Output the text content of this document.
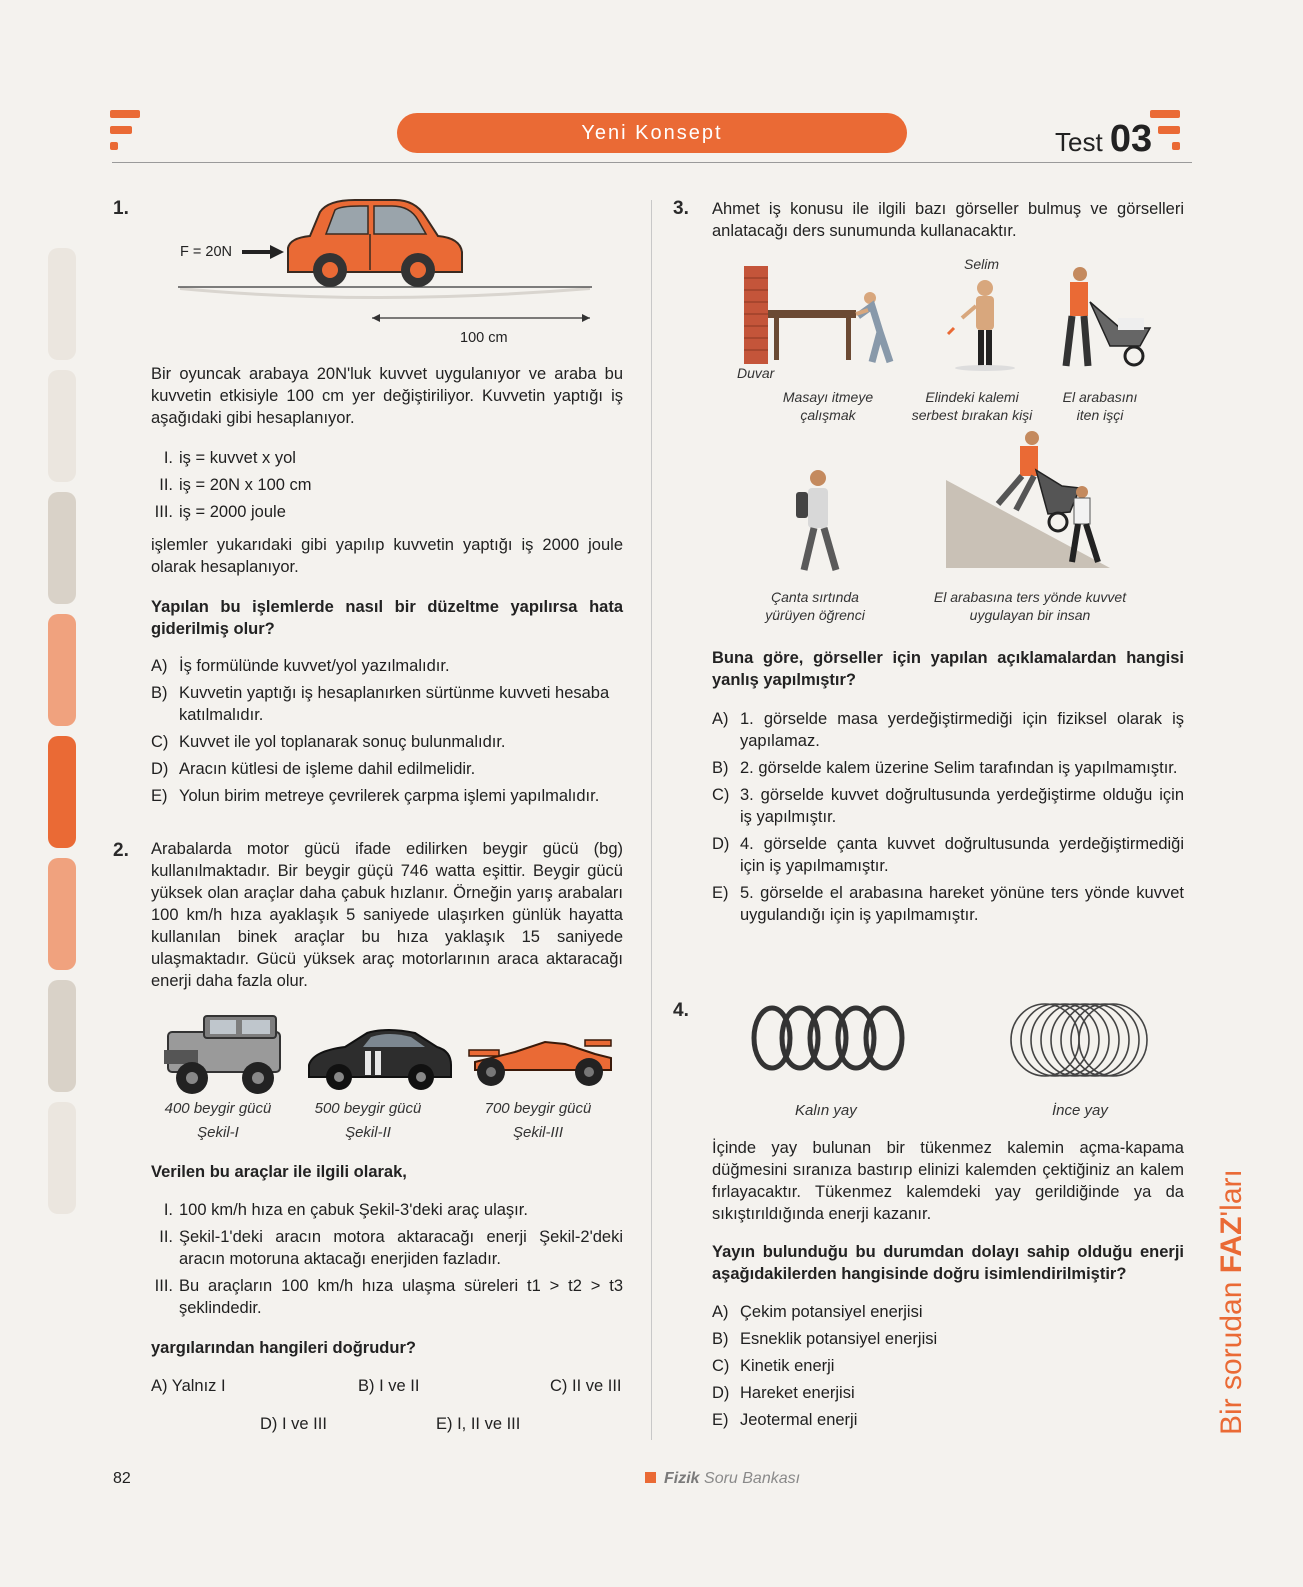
Yeni Konsept	Test 03
1.
F = 20N
100 cm
Bir oyuncak arabaya 20N'luk kuvvet uygulanıyor ve araba bu kuvvetin etkisiyle 100 cm yer değiştiriliyor. Kuvvetin yaptığı iş aşağıdaki gibi hesaplanıyor.
I. iş = kuvvet x yol
II. iş = 20N x 100 cm
III. iş = 2000 joule
işlemler yukarıdaki gibi yapılıp kuvvetin yaptığı iş 2000 joule olarak hesaplanıyor.
Yapılan bu işlemlerde nasıl bir düzeltme yapılırsa hata giderilmiş olur?
A) İş formülünde kuvvet/yol yazılmalıdır.
B) Kuvvetin yaptığı iş hesaplanırken sürtünme kuvveti hesaba katılmalıdır.
C) Kuvvet ile yol toplanarak sonuç bulunmalıdır.
D) Aracın kütlesi de işleme dahil edilmelidir.
E) Yolun birim metreye çevrilerek çarpma işlemi yapılmalıdır.
2. Arabalarda motor gücü ifade edilirken beygir gücü (bg) kullanılmaktadır. Bir beygir güçü 746 watta eşittir. Beygir gücü yüksek olan araçlar daha çabuk hızlanır. Örneğin yarış arabaları 100 km/h hıza ayaklaşık 5 saniyede ulaşırken günlük hayatta kullanılan binek araçlar bu hıza yaklaşık 15 saniyede ulaşmaktadır. Gücü yüksek araç motorlarının araca aktaracağı enerji daha fazla olur.
400 beygir gücü
Şekil-I
500 beygir gücü
Şekil-II
700 beygir gücü
Şekil-III
Verilen bu araçlar ile ilgili olarak,
I. 100 km/h hıza en çabuk Şekil-3'deki araç ulaşır.
II. Şekil-1'deki aracın motora aktaracağı enerji Şekil-2'deki aracın motoruna aktacağı enerjiden fazladır.
III. Bu araçların 100 km/h hıza ulaşma süreleri t1 > t2 > t3 şeklindedir.
yargılarından hangileri doğrudur?
A) Yalnız I	B) I ve II	C) II ve III
D) I ve III	E) I, II ve III
3. Ahmet iş konusu ile ilgili bazı görseller bulmuş ve görselleri anlatacağı ders sunumunda kullanacaktır.
Duvar
Selim
Masayı itmeye çalışmak
Elindeki kalemi serbest bırakan kişi
El arabasını iten işçi
Çanta sırtında yürüyen öğrenci
El arabasına ters yönde kuvvet uygulayan bir insan
Buna göre, görseller için yapılan açıklamalardan hangisi yanlış yapılmıştır?
A) 1. görselde masa yerdeğiştirmediği için fiziksel olarak iş yapılamaz.
B) 2. görselde kalem üzerine Selim tarafından iş yapılmamıştır.
C) 3. görselde kuvvet doğrultusunda yerdeğiştirme olduğu için iş yapılmıştır.
D) 4. görselde çanta kuvvet doğrultusunda yerdeğiştirmediği için iş yapılmamıştır.
E) 5. görselde el arabasına hareket yönüne ters yönde kuvvet uygulandığı için iş yapılmamıştır.
4.
Kalın yay	İnce yay
İçinde yay bulunan bir tükenmez kalemin açma-kapama düğmesini sıranıza bastırıp elinizi kalemden çektiğiniz an kalem fırlayacaktır. Tükenmez kalemdeki yay gerildiğinde ya da sıkıştırıldığında enerji kazanır.
Yayın bulunduğu bu durumdan dolayı sahip olduğu enerji aşağıdakilerden hangisinde doğru isimlendirilmiştir?
A) Çekim potansiyel enerjisi
B) Esneklik potansiyel enerjisi
C) Kinetik enerji
D) Hareket enerjisi
E) Jeotermal enerji	Bir sorudan FAZ'ları
82	Fizik Soru Bankası
